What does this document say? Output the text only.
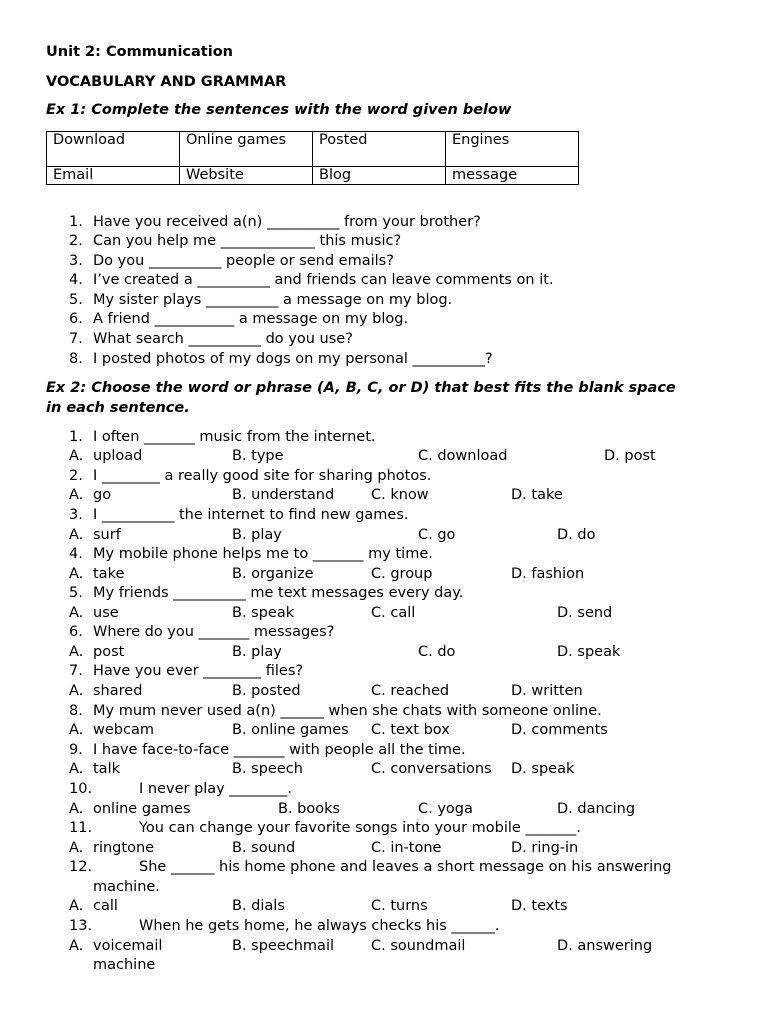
Unit 2: Communication
VOCABULARY AND GRAMMAR
Ex 1: Complete the sentences with the word given below
Download	Online games	Posted	Engines
Email	Website	Blog	message
1. Have you received a(n) __________ from your brother?
2. Can you help me _____________ this music?
3. Do you __________ people or send emails?
4. I’ve created a __________ and friends can leave comments on it.
5. My sister plays __________ a message on my blog.
6. A friend ___________ a message on my blog.
7. What search __________ do you use?
8. I posted photos of my dogs on my personal __________?
Ex 2: Choose the word or phrase (A, B, C, or D) that best fits the blank space
in each sentence.
1. I often _______ music from the internet.
A. upload	B. type	C. download	D. post
2. I ________ a really good site for sharing photos.
A. go	B. understand	C. know	D. take
3. I __________ the internet to find new games.
A. surf	B. play	C. go	D. do
4. My mobile phone helps me to _______ my time.
A. take	B. organize	C. group	D. fashion
5. My friends __________ me text messages every day.
A. use	B. speak	C. call	D. send
6. Where do you _______ messages?
A. post	B. play	C. do	D. speak
7. Have you ever ________ files?
A. shared	B. posted	C. reached	D. written
8. My mum never used a(n) ______ when she chats with someone online.
A. webcam	B. online games C. text box	D. comments
9. I have face-to-face _______ with people all the time.
A. talk	B. speech	C. conversations D. speak
10.	I never play ________.
A. online games	B. books	C. yoga	D. dancing
11.	You can change your favorite songs into your mobile _______.
A. ringtone	B. sound	C. in-tone	D. ring-in
12.	She ______ his home phone and leaves a short message on his answering
machine.
A. call	B. dials	C. turns	D. texts
13.	When he gets home, he always checks his ______.
A. voicemail	B. speechmail	C. soundmail	D. answering
machine
